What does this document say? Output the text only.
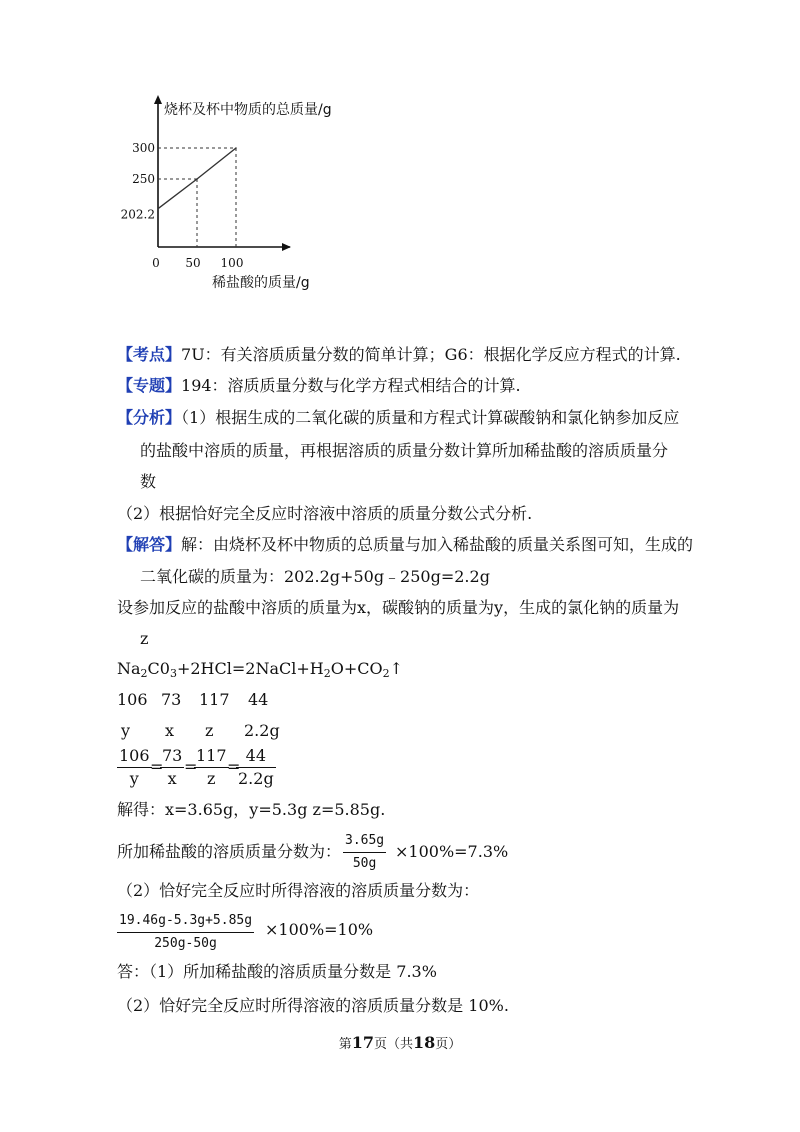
300
250
202.2
0 50 100
烧杯及杯中物质的总质量/g
稀盐酸的质量/g
【考点】7U：有关溶质质量分数的简单计算；G6：根据化学反应方程式的计算.
【专题】194：溶质质量分数与化学方程式相结合的计算.
【分析】（1）根据生成的二氧化碳的质量和方程式计算碳酸钠和氯化钠参加反应
的盐酸中溶质的质量，再根据溶质的质量分数计算所加稀盐酸的溶质质量分
数
（2）根据恰好完全反应时溶液中溶质的质量分数公式分析.
【解答】解：由烧杯及杯中物质的总质量与加入稀盐酸的质量关系图可知，生成的
二氧化碳的质量为：202.2g+50g﹣250g=2.2g
设参加反应的盐酸中溶质的质量为x，碳酸钠的质量为y，生成的氯化钠的质量为
z
$Na_2C0_3+2HCl=2NaCl+H_2O+CO_2↑$
106 73 117 44
y x z 2.2g
$\frac{106}{y}$
=
$\frac{73}{x}$ =
$\frac{117}{z}$
=
$\frac{44}{2.2g}$
解得：x=3.65g，y=5.3g z=5.85g.
所加稀盐酸的溶质质量分数为： $\frac{3.65g}{50g} \times 100\%=7.3\%$
（2）恰好完全反应时所得溶液的溶质质量分数为：
$\frac{19.46g-5.3g+5.85g}{250g-50g} \times 100\%=10\%$
答：（1）所加稀盐酸的溶质质量分数是 7.3%
（2）恰好完全反应时所得溶液的溶质质量分数是 10%.
第17页（共18页）
